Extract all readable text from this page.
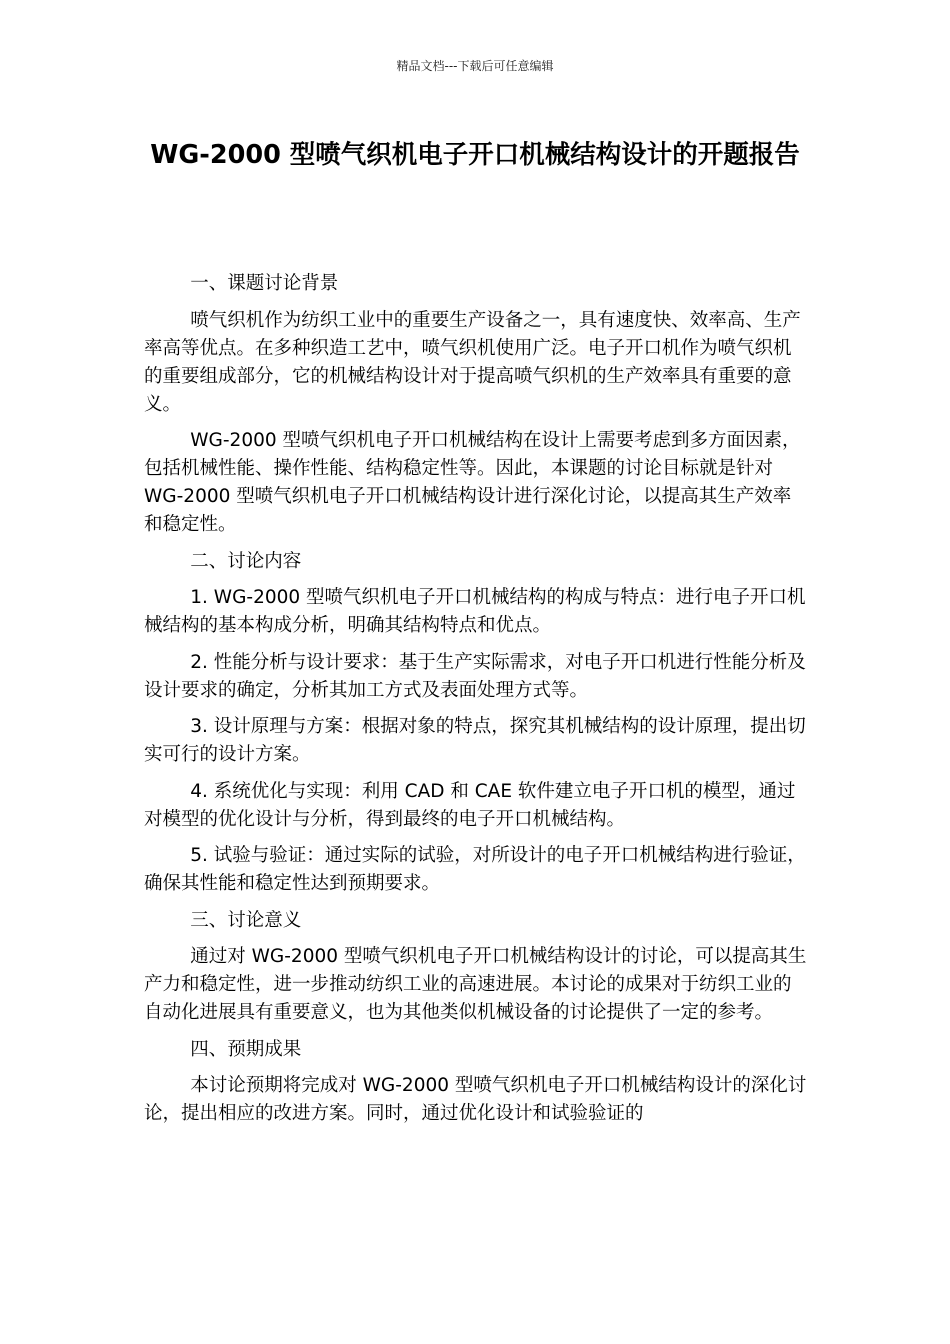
精品文档---下载后可任意编辑
WG-2000 型喷气织机电子开口机械结构设计的开题报告

一、课题讨论背景

喷气织机作为纺织工业中的重要生产设备之一，具有速度快、效率高、生产率高等优点。在多种织造工艺中，喷气织机使用广泛。电子开口机作为喷气织机的重要组成部分，它的机械结构设计对于提高喷气织机的生产效率具有重要的意义。

WG-2000 型喷气织机电子开口机械结构在设计上需要考虑到多方面因素，包括机械性能、操作性能、结构稳定性等。因此，本课题的讨论目标就是针对 WG-2000 型喷气织机电子开口机械结构设计进行深化讨论，以提高其生产效率和稳定性。

二、讨论内容

1. WG-2000 型喷气织机电子开口机械结构的构成与特点：进行电子开口机械结构的基本构成分析，明确其结构特点和优点。

2. 性能分析与设计要求：基于生产实际需求，对电子开口机进行性能分析及设计要求的确定，分析其加工方式及表面处理方式等。

3. 设计原理与方案：根据对象的特点，探究其机械结构的设计原理，提出切实可行的设计方案。

4. 系统优化与实现：利用 CAD 和 CAE 软件建立电子开口机的模型，通过对模型的优化设计与分析，得到最终的电子开口机械结构。

5. 试验与验证：通过实际的试验，对所设计的电子开口机械结构进行验证，确保其性能和稳定性达到预期要求。

三、讨论意义

通过对 WG-2000 型喷气织机电子开口机械结构设计的讨论，可以提高其生产力和稳定性，进一步推动纺织工业的高速进展。本讨论的成果对于纺织工业的自动化进展具有重要意义，也为其他类似机械设备的讨论提供了一定的参考。

四、预期成果

本讨论预期将完成对 WG-2000 型喷气织机电子开口机械结构设计的深化讨论，提出相应的改进方案。同时，通过优化设计和试验验证的
